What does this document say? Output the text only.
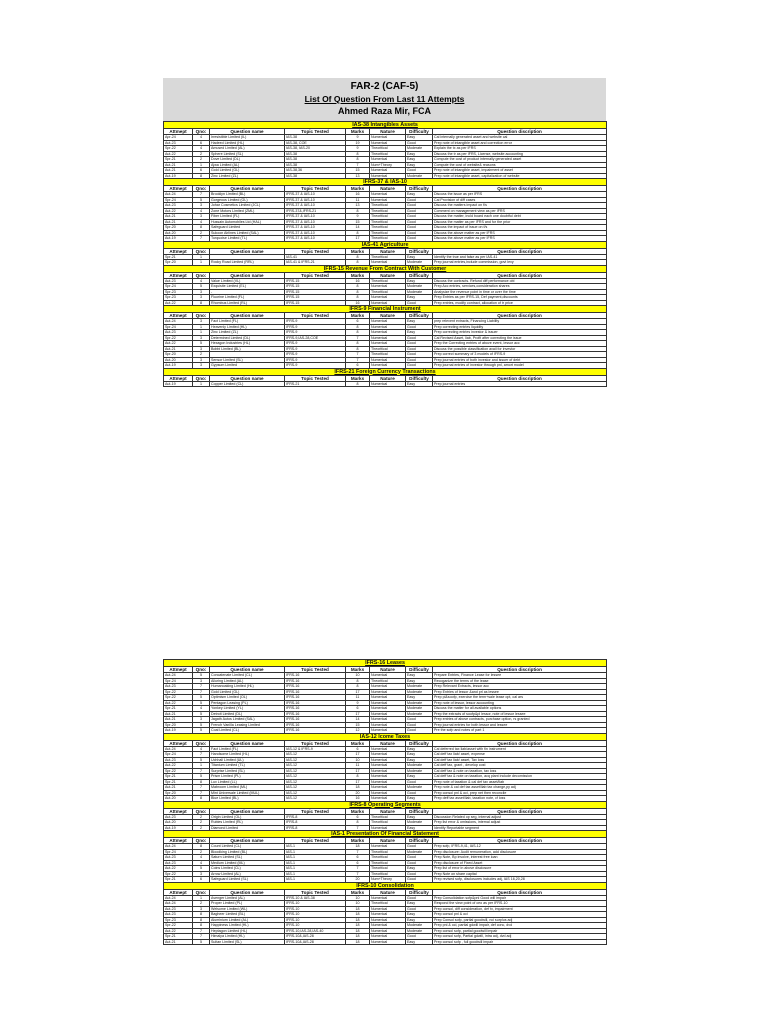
FAR-2 (CAF-5)
List Of Question From Last 11 Attempts
Ahmed Raza Mir, FCA
IAS-38 Intangibles Assets							
Attmept	Qno:	Question name	Topic Tested	Marks	Nature	Difficulty	Question discription
Apr-24	4	Irresistible Limited (IL)	IAS-38	9	Numerical	Easy	Cal internally generated asset and website cal
Aut-23	6	Hadeed Limited (HL)	IAS-38, COE	19	Numerical	Good	Prep note of intangible asset and correction error
Spr-22	4	Amused Limited (AL)	IAS-38, IAS-20	9	Theoritical	Moderate	Explain the tx as per IFRS
Aut-22	2	Sphere Limited (SL)	IAS-38	8	Theoritical	Easy	Discuss the tr as per IFRS, License, website accounting
Spr-21	2	Dove Limited (DL)	IAS-38	8	Numerical	Easy	Compute the cost of product internally generated asset
Aut-21	1	Ajwa Limited (AL)	IAS-38	7	Num+Theory	Easy	Compute the cost of website& reasons
Aut-21	6	Gold Limited (GL)	IAS-38,36	15	Numerical	Good	Prep note of intangible asset, impairment of asset
Aut-19	8	Zinc Limited (ZL)	IAS-38	13	Numerical	Moderate	Prep note of intangible asset, capitalization of website
IFRS-37 & IAS-10							
Attmept	Qno:	Question name	Topic Tested	Marks	Nature	Difficulty	Question discription
Aut-24	7	Brooklyn Limited (BL)	IFRS-37 & IAS-10	16	Numerical	Easy	Discuss the issue as per IFRS
Spr-24	5	Gorgeous Limited (GL)	IFRS-37 & IAS-10	11	Numerical	Good	Cal Provision of diff cases
Aut-23	3	Johar Cosmetics Limited (JCL)	IFRS-37 & IAS-10	13	Theoritical	Good	Discuss the matters impact on f/s
Aut-22	4	Zone Motors Limited (ZML)	IFRS-37&,IFRS-21	8	Theoritical	Good	Comment on management view as per IFRS
Aut-21	3	Fiber Limited (FL)	IFRS-37 & IAS-10	9	Theoritical	Good	Discuss the matter, incld board each one doubtful debt
Aut-21	4	Hussain Automobiles Ltd (HAL)	IFRS-37 & IAS-10	15	Theoritical	Good	Discuss the matter as per IFRS and for the prior
Spr-20	8	Safeguard Limited	IFRS-37 & IAS-10	14	Theoritical	Good	Discuss the impact of issue on f/s
Aut-20	2	Sukoon Airlines Limited (SAL)	IFRS-37 & IAS-10	8	Theoritical	Good	Discuss the above matter as per IFRS
Aut-19	7	Turquoise Limited (TL)	IFRS-37 & IAS-10	17	Theoritical	Good	Discuss the above matter as per IFRS
IAS-41 Agriculture							
Attmept	Qno:	Question name	Topic Tested	Marks	Nature	Difficulty	Question discription
Spr-21	1		IAS-41	8	Theoritical	Easy	Identify the true and false as per IAS-41
Spr-20	1	Rocky Road Limited (RRL)	IAS-41 & IFRS-21	8	Numerical	Moderate	Prep journal entries,include commission, govt levy
IFRS-15 Revenue From Contract With Customer							
Attmept	Qno:	Question name	Topic Tested	Marks	Nature	Difficulty	Question discription
Aut-23	4	Value Limited (VL)	IFRS-15	16	Theoritical	Easy	Discuss the contracts. Refund diff performance obl
Spr-24	5	Exquisite Limited (EL)	IFRS-15	8	Numerical	Moderate	Prep Acc entries, services,consideration shares
Spr-23	3	-	IFRS-15	8	Theoritical	Moderate	Analysize the revenue point in time or over the time
Spr-23	3	Fluorine Limited (FL)	IFRS-15	8	Numerical	Easy	Prep Entries as per IFRS-15, Def payment,discounts
Aut-22	8	Rhombus Limited (RL)	IFRS-15	16	Numerical	Good	Prep entries, modify contract, allocation of tr price
IFRS-9 Financial Instrument							
Attmept	Qno:	Question name	Topic Tested	Marks	Nature	Difficulty	Question discription
Aut-24	3	Fact Limited (FL)	IFRS-9	6	Numerical	Easy	prep relevent extracts, Financing Liability
Spr-24	1	Heavenly Limited (HL)	IFRS-9	8	Numerical	Good	Prep correcting entries liquidity
Aut-23	1	Zinc Limited (ZL)	IFRS-9	8	Numerical	Easy	Prep correcting entries investor & issuer
Spr-22	3	Determined Limited (DL)	IFRS-9,IAS-28,COE	7	Numerical	Good	Cal Revised Asset, liab, Profit after correcting the issue
Aut-22	5	Hexagon Industries (HL)	IFRS-9	8	Numerical	Good	Prep the Correcting entries of above event, lessor acc
Aut-21	3	Bobbi Limited (BL)	IFRS-9	8	Theoritical	Good	Discuss the possible classification avail for investor
Spr-20	2		IFRS-9	7	Theoritical	Good	Prep correct summary of 3 models of IFRS-9
Aut-20	3	Sensor Limited (SL)	IFRS-9	7	Numerical	Good	Prep journal entries of both investor and issuer of debt
Aut-19	3	Gypsum Limited	IFRS-9	6	Numerical	Good	Prep journal entries of investor through pnl, amort model
IFRS-21 Foreign Currency Transactions							
Attmept	Qno:	Question name	Topic Tested	Marks	Nature	Difficulty	Question discription
Aut-19	1	Copper Limited (CL)	IFRS-21	8	Numerical	Easy	Prep journal entries
IFRS-16 Leases							
Attmept	Qno:	Question name	Topic Tested	Marks	Nature	Difficulty	Question discription
Aut-24	5	Concatenate Limited (CL)	IFRS-16	10	Numerical	Easy	Prepare Entries, Finance Lease for lessee
Spr-24	3	Alluring Limited (AL)	IFRS-16	8	Theoritical	Easy	Recoganize the terms of the lease
Aut-23	7	Humanoaking Limited (HL)	IFRS-16	8	Numerical	Moderate	Prep Relevant Extracts, lessor acc
Spr-22	7	Gold Limited (GL)	IFRS-16	17	Numerical	Moderate	Prep Entries of lessor &and prl as lessee
Spr-22	5	Optimism Limited (OL)	IFRS-16	11	Numerical	Easy	Prep pl&soofp, exercise the term+sale lease opt, cal ars
Aut-22	5	Pentagon Leasing (PL)	IFRS-16	9	Numerical	Moderate	Prep note of lessor, lessor accounting
Spr-21	4	Yonkey Limited (YL)	IFRS-16	6	Numerical	Moderate	Discuss the matter for all available options
Aut-21	5	Detroit Limited (DL)	IFRS-16	17	Numerical	Moderate	Prep the extracts of soofp&pl lessor, note of lessor lessee
Aut-21	3	Jagath Autos Limited (SAL)	IFRS-16	14	Numerical	Good	Prep entries of above contracts, purchase option, rs granted
Spr-20	5	French Vanilla Leasing Limited	IFRS-16	15	Numerical	Good	Prep journal entries for both lessor and lessee
Aut-19	5	Coal Limited (CL)	IFRS-16	12	Numerical	Good	Pre the sofp and notes of part 1
IAS-12 Icome Taxes							
Attmept	Qno:	Question name	Topic Tested	Marks	Nature	Difficulty	Question discription
Aut-24	4	Fact Limited (FL)	IAS-12 & IFRS-9	6	Numerical	Easy	Cal deferred tax liab/asset with fin instrument
Spr-24	7	Handsome Limited (HL)	IAS-12	17	Numerical	Easy	Cal deff tax liab/ asset, expense
Aut-23	5	Uchhali Limited (UL)	IAS-12	10	Numerical	Easy	Cal deff tax liab/ asset, Tax loss
Aut-22	1	Titanium Limited (TL)	IAS-12	11	Numerical	Moderate	Cal deff tax, grant , develop cost
Spr-22	7	Surprise Limited (SL)	IAS-12	17	Numerical	Moderate	Cal deff tax & note on taxation, tax loss
Spr-21	5	Prism Limited (PL)	IAS-12	8	Numerical	Easy	Cal deff tax & note on taxation, acq plant include decomission
Spr-21	8	Lux Limited (LL)	IAS-12	17	Numerical	Good	Prep note of taxation & cal def tax asset/liab
Aut-21	7	Mabroom Limited (ML)	IAS-12	18	Numerical	Moderate	Prep note & cal def tax asset/liab tax change,py adj
Spr-20	7	Mint Universale Limited (MUL)	IAS-12	20	Numerical	Good	Prep consol pnl & oci, prep net then reconcile
Aut-20	8	Blue Limited (BL)	IAS-12	16	Numerical	Easy	Prep deff tax asset/liab, taxation note, cf loss
IFRS-8 Operating Segments							
Attmept	Qno:	Question name	Topic Tested	Marks	Nature	Difficulty	Question discription
Aut-23	2	Origin Limited (OL)	IFRS-8	6	Theoritical	Easy	Discussion Related op seg, internal adjust
Aut-20	2	Rubies Limited (RL)	IFRS-8	8	Theoritical	Moderate	Prep list error & omissions, internal adjust
Aut-19	2	Diamond Limited	IFRS-8	7	Numerical	Easy	Identify Reportable segment
IAS-1 Presentation Of Financial Statement							
Attmept	Qno:	Question name	Topic Tested	Marks	Nature	Difficulty	Question discription
Aut-24	8	Count Limited (CL)	IAS-1	18	Numerical	Good	Prep sofp, IFRS-9,41, IAS-12
Spr-24	2	Bloodking Limited (BL)	IAS-1	7	Theoritical	Moderate	Prep disclosure: Audit remuneration, add disclosure
Aut-23	4	Saturn Limited (SL)	IAS-1	6	Theoritical	Good	Prep Note, Bp involve, interest free loan
Aut-23	4	Medium Limited (ML)	IAS-1	6	Theoritical	Good	Prep disclosure of Fixed Asset
Aut-22	5	Coins Limited (CL)	IAS-1	7	Theoritical	Easy	Prep list of error in above disclosure
Spr-22	3	Arrow Limited (AL)	IAS-1	7	Theoritical	Good	Prep Note on share capital
Spr-21	6	Safeguard Limited (SL)	IAS-1	20	Num+Theory	Good	Prep revised sofp, disclosures includes adj, IAS 16,20,28
IFRS-10 Consolidation							
Attmept	Qno:	Question name	Topic Tested	Marks	Nature	Difficulty	Question discription
Aut-24	1	Avenger Limited (AL)	IFRS-10 & IAS-38	10	Numerical	Good	Prep Consolidation sofp&pnl Good will impair
Aut-24	2	Proper Limited (PL)	IFRS-10	10	Theoritical	Easy	Respond the view point of ceo as per IFRS-10
Aut-23	3	Welsome Limited (WL)	IFRS-10	18	Numerical	Good	Prep consol, diff consideration, def tx, impairment
Aut-23	8	Bagheer Limited (BL)	IFRS-10	18	Numerical	Easy	Prep consol pnl & oci
Spr-23	8	Aluminium Limited (AL)	IFRS-10	18	Numerical	Easy	Prep Consol sofp, partial goodwill, nci surplus adj
Spr-22	8	Happiness Limited (HL)	IFRS-10	18	Numerical	Moderate	Prep pnl & oci, partial gdwill impair, def conc, dvd
Aut-22	7	Heptagon Limited (HL)	IFRS-10,IAS-28,IAS-40	18	Numerical	Moderate	Prep consol sofp, partial goodwill impair
Spr-21	7	Himalya Limited (HL)	IFRS-10&,IAS-28	18	Numerical	Good	Prep consol sofp, Partial gdwill, intra adj, dvd adj
Aut-21	5	Sultan Limited (SL)	IFRS-10&,IAS-28	18	Numerical	Easy	Prep consol sofp , full goodwill impair
